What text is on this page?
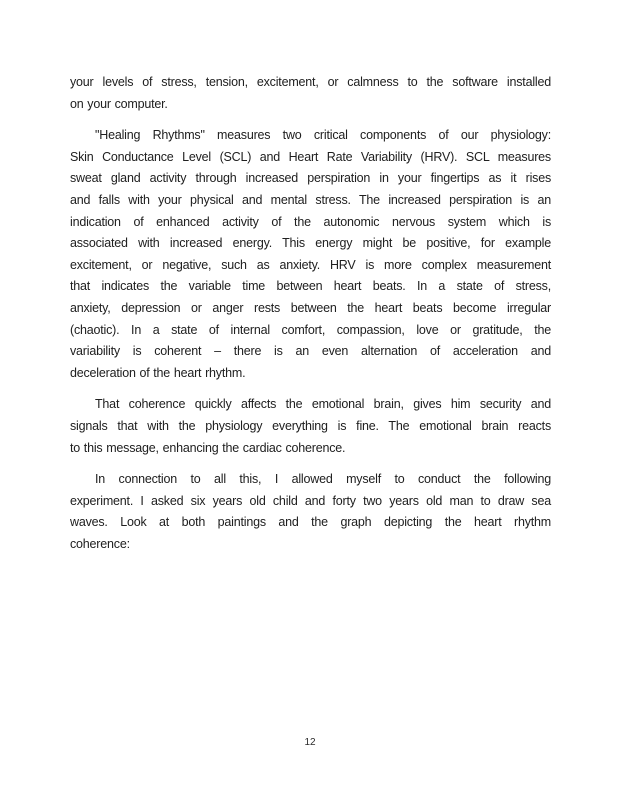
your levels of stress, tension, excitement, or calmness to the software installed
on your computer.
"Healing Rhythms" measures two critical components of our physiology:
Skin Conductance Level (SCL) and Heart Rate Variability (HRV). SCL measures
sweat gland activity through increased perspiration in your fingertips as it rises
and falls with your physical and mental stress. The increased perspiration is an
indication of enhanced activity of the autonomic nervous system which is
associated with increased energy. This energy might be positive, for example
excitement, or negative, such as anxiety. HRV is more complex measurement
that indicates the variable time between heart beats. In a state of stress,
anxiety, depression or anger rests between the heart beats become irregular
(chaotic). In a state of internal comfort, compassion, love or gratitude, the
variability is coherent – there is an even alternation of acceleration and
deceleration of the heart rhythm.
That coherence quickly affects the emotional brain, gives him security and
signals that with the physiology everything is fine. The emotional brain reacts
to this message, enhancing the cardiac coherence.
In connection to all this, I allowed myself to conduct the following
experiment. I asked six years old child and forty two years old man to draw sea
waves. Look at both paintings and the graph depicting the heart rhythm
coherence:
12
